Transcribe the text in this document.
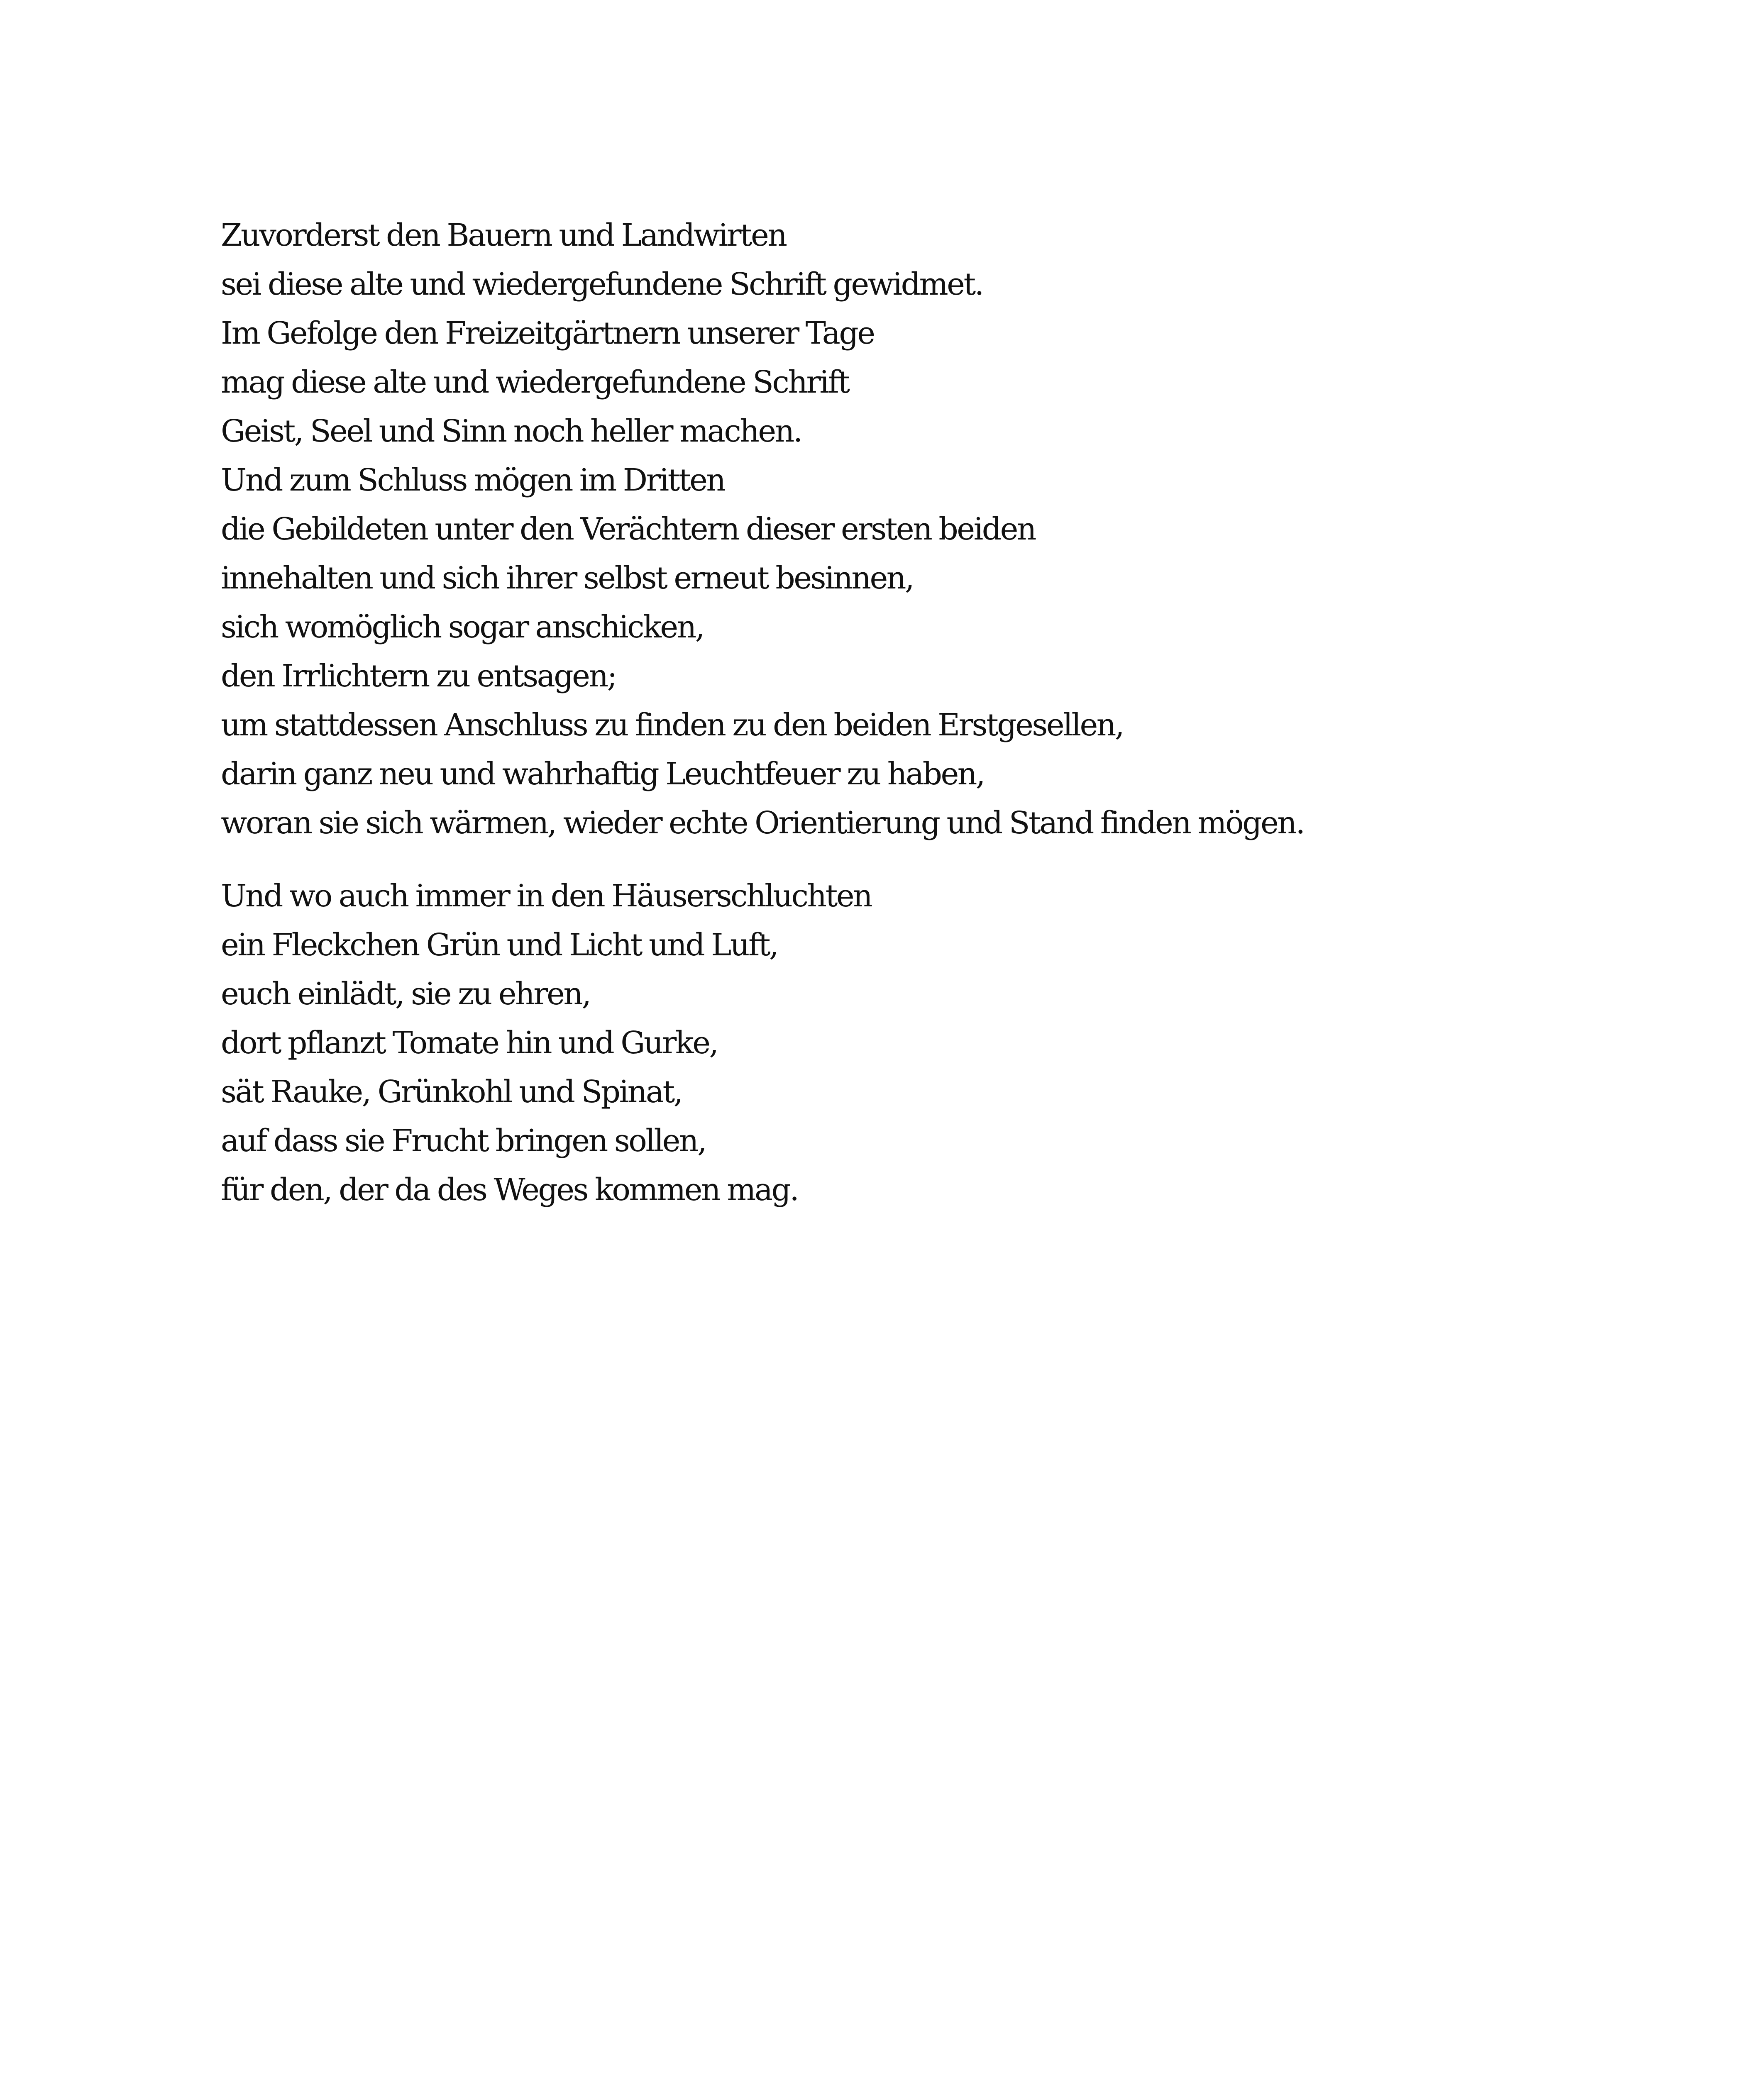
Zuvorderst den Bauern und Landwirten
sei diese alte und wiedergefundene Schrift gewidmet.
Im Gefolge den Freizeitgärtnern unserer Tage
mag diese alte und wiedergefundene Schrift
Geist, Seel und Sinn noch heller machen.
Und zum Schluss mögen im Dritten
die Gebildeten unter den Verächtern dieser ersten beiden
innehalten und sich ihrer selbst erneut besinnen,
sich womöglich sogar anschicken,
den Irrlichtern zu entsagen;
um stattdessen Anschluss zu finden zu den beiden Erstgesellen,
darin ganz neu und wahrhaftig Leuchtfeuer zu haben,
woran sie sich wärmen, wieder echte Orientierung und Stand finden mögen.

Und wo auch immer in den Häuserschluchten
ein Fleckchen Grün und Licht und Luft,
euch einlädt, sie zu ehren,
dort pflanzt Tomate hin und Gurke,
sät Rauke, Grünkohl und Spinat,
auf dass sie Frucht bringen sollen,
für den, der da des Weges kommen mag.
